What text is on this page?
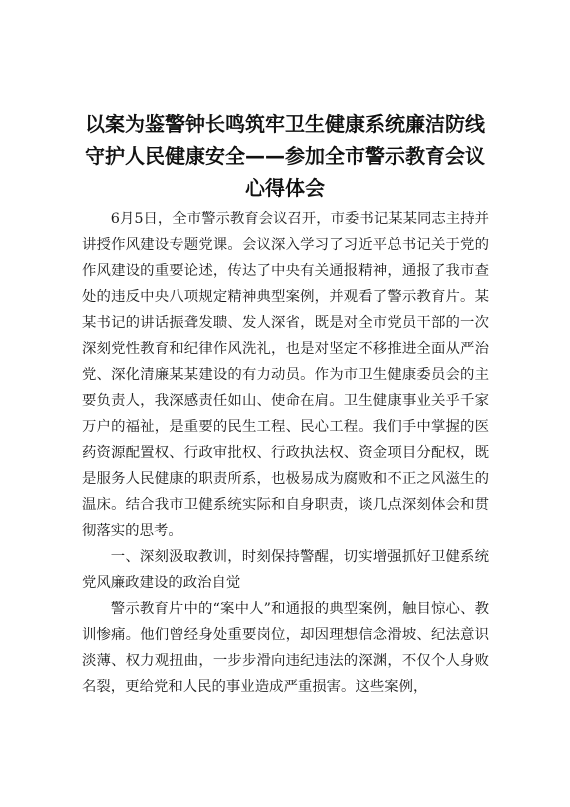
以案为鉴警钟长鸣筑牢卫生健康系统廉洁防线
守护人民健康安全——参加全市警示教育会议
心得体会

6月5日，全市警示教育会议召开，市委书记某某同志主持并讲授作风建设专题党课。会议深入学习了习近平总书记关于党的作风建设的重要论述，传达了中央有关通报精神，通报了我市查处的违反中央八项规定精神典型案例，并观看了警示教育片。某某书记的讲话振聋发聩、发人深省，既是对全市党员干部的一次深刻党性教育和纪律作风洗礼，也是对坚定不移推进全面从严治党、深化清廉某某建设的有力动员。作为市卫生健康委员会的主要负责人，我深感责任如山、使命在肩。卫生健康事业关乎千家万户的福祉，是重要的民生工程、民心工程。我们手中掌握的医药资源配置权、行政审批权、行政执法权、资金项目分配权，既是服务人民健康的职责所系，也极易成为腐败和不正之风滋生的温床。结合我市卫健系统实际和自身职责，谈几点深刻体会和贯彻落实的思考。

一、深刻汲取教训，时刻保持警醒，切实增强抓好卫健系统党风廉政建设的政治自觉

警示教育片中的“案中人”和通报的典型案例，触目惊心、教训惨痛。他们曾经身处重要岗位，却因理想信念滑坡、纪法意识淡薄、权力观扭曲，一步步滑向违纪违法的深渊，不仅个人身败名裂，更给党和人民的事业造成严重损害。这些案例，
